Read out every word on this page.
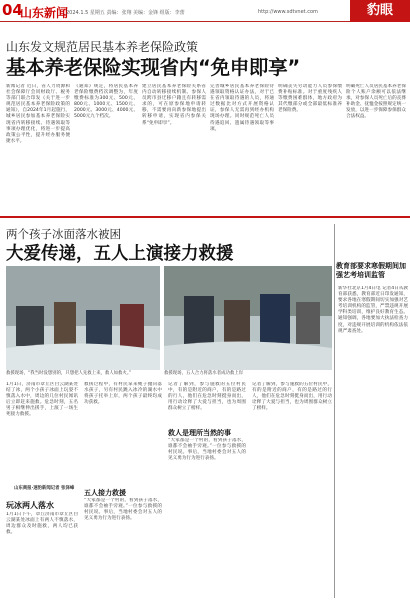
04
山东新闻
2024.1.5 星期五 责编：张翔 美编：金锋 组版：李蕾	http://www.sdtvnet.com	豹眼
山东发文规范居民基本养老保险政策
基本养老保险实现省内“免申即享”
新闻记者 近日，省人力资源和社会保障厅会同财政厅、税务等部门联合印发《关于进一步规范居民基本养老保险政策的通知》，自2024年1月起施行，城乡居民参加基本养老保险实现省内转移接续、待遇领取等事项办理优化，将进一步提高政策公平性，提升经办服务便捷水平。
《通知》规定，将居民基本养老保险缴费档次调整为，年度缴费标准为300元、500元、800元、1000元、1500元、2000元、3000元、4000元、5000元九个档次。
建立居民基本养老保险关系省内自动转移接续机制。参保人员跨市县迁移户籍且有转移需求的，可在原参保地申请转移，不需要再向新参保地提出转移申请，实现省内参保关系“免申即享”。
完善城乡居民基本养老保险待遇领取资格认证办法，对于已在省内领取待遇的人员，将通过数据比对方式开展资格认证，参保人无需再到经办机构现场办理。同时规范死亡人员待遇追回、遗属待遇领取等事项。
明确丧失劳动能力人员参保缴费补贴标准。对于重度残疾人等缴费困难群体，地方政府为其代缴部分或全部最低标准养老保险费。
明确死亡人员居民基本养老保险个人账户余额可以依法继承，对参保人员死亡后的丧葬补助金、抚恤金按照规定统一发放，以进一步保障参保群众合法权益。
两个孩子冰面落水被困
大爱传递，五人上演接力救援
救援现场，“我当时没想别的，只想把人先救上来，救人如救火。”	救援现场，五人合力将落水者成功救上岸
1月1日，济南市章丘区白云湖某处结了冰，两个小孩子冰面上玩耍不慎落入水中，周边的几位村民闻讯后立即赶来施救。危急时刻，五名男子相继伸出援手，上演了一场生死接力救援。
救援过程中，有村民拿来绳子抛向落水孩子，另有村民跳入冰冷的湖水中将孩子托举上岸，两个孩子最终均成功获救。
五人接力救援
“大家都是一个村的，看到孩子落水，谁都不会袖手旁观。”一位参与救援的村民说。事后，当地村委会对五人的见义勇为行为进行表扬。
救人是理所当然的事
记者了解到，参与施救的五位村民中，有的是附近的商户，有的是路过的行人，他们在危急时刻挺身而出，用行动诠释了大爱与担当，也为周围群众树立了榜样。
“大家都是一个村的，看到孩子落水，谁都不会袖手旁观。”一位参与救援的村民说。事后，当地村委会对五人的见义勇为行为进行表扬。
记者了解到，参与施救的五位村民中，有的是附近的商户，有的是路过的行人，他们在危急时刻挺身而出，用行动诠释了大爱与担当，也为周围群众树立了榜样。
山东商报·速豹新闻记者 张泽峰
玩冰两人落水
1月1日下午，章丘济南市章丘区白云湖某处冰面上有两人不慎落水，周边群众及时施救，两人均已获救。
教育部要求寒假期间加强艺考培训监管
新华社北京1月4日电 记者4日从教育部获悉，教育部近日印发通知，要求各地在寒假期间切实加强对艺考培训机构的监管，严禁违规开展学科类培训，维护良好教育生态。通知强调，各地要加大执法检查力度，对违规开展培训的机构依法依规严肃查处。
